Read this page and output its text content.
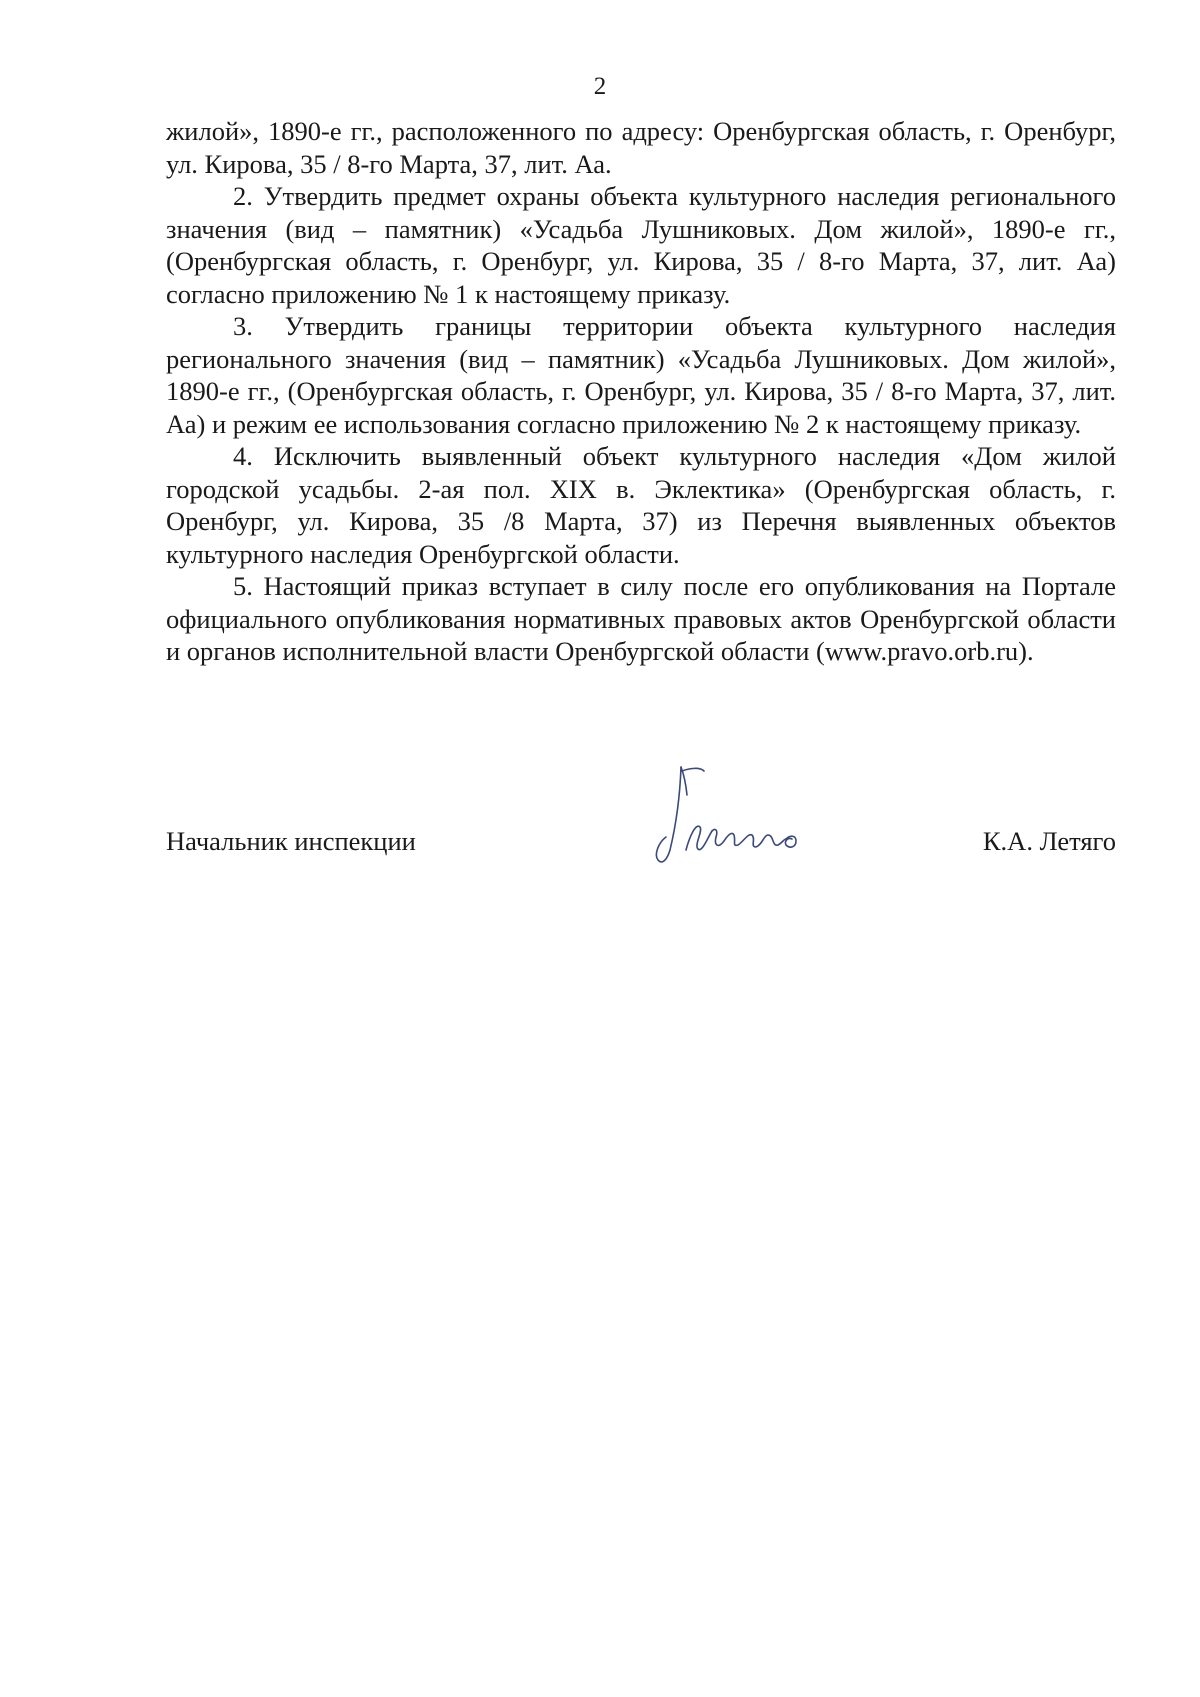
2

жилой», 1890-е гг., расположенного по адресу: Оренбургская область, г. Оренбург, ул. Кирова, 35 / 8-го Марта, 37, лит. Аа.

2. Утвердить предмет охраны объекта культурного наследия регионального значения (вид – памятник) «Усадьба Лушниковых. Дом жилой», 1890-е гг., (Оренбургская область, г. Оренбург, ул. Кирова, 35 / 8-го Марта, 37, лит. Аа) согласно приложению № 1 к настоящему приказу.

3. Утвердить границы территории объекта культурного наследия регионального значения (вид – памятник) «Усадьба Лушниковых. Дом жилой», 1890-е гг., (Оренбургская область, г. Оренбург, ул. Кирова, 35 / 8-го Марта, 37, лит. Аа) и режим ее использования согласно приложению № 2 к настоящему приказу.

4. Исключить выявленный объект культурного наследия «Дом жилой городской усадьбы. 2-ая пол. XIX в. Эклектика» (Оренбургская область, г. Оренбург, ул. Кирова, 35 /8 Марта, 37) из Перечня выявленных объектов культурного наследия Оренбургской области.

5. Настоящий приказ вступает в силу после его опубликования на Портале официального опубликования нормативных правовых актов Оренбургской области и органов исполнительной власти Оренбургской области (www.pravo.orb.ru).

Начальник инспекции	К.А. Летяго
